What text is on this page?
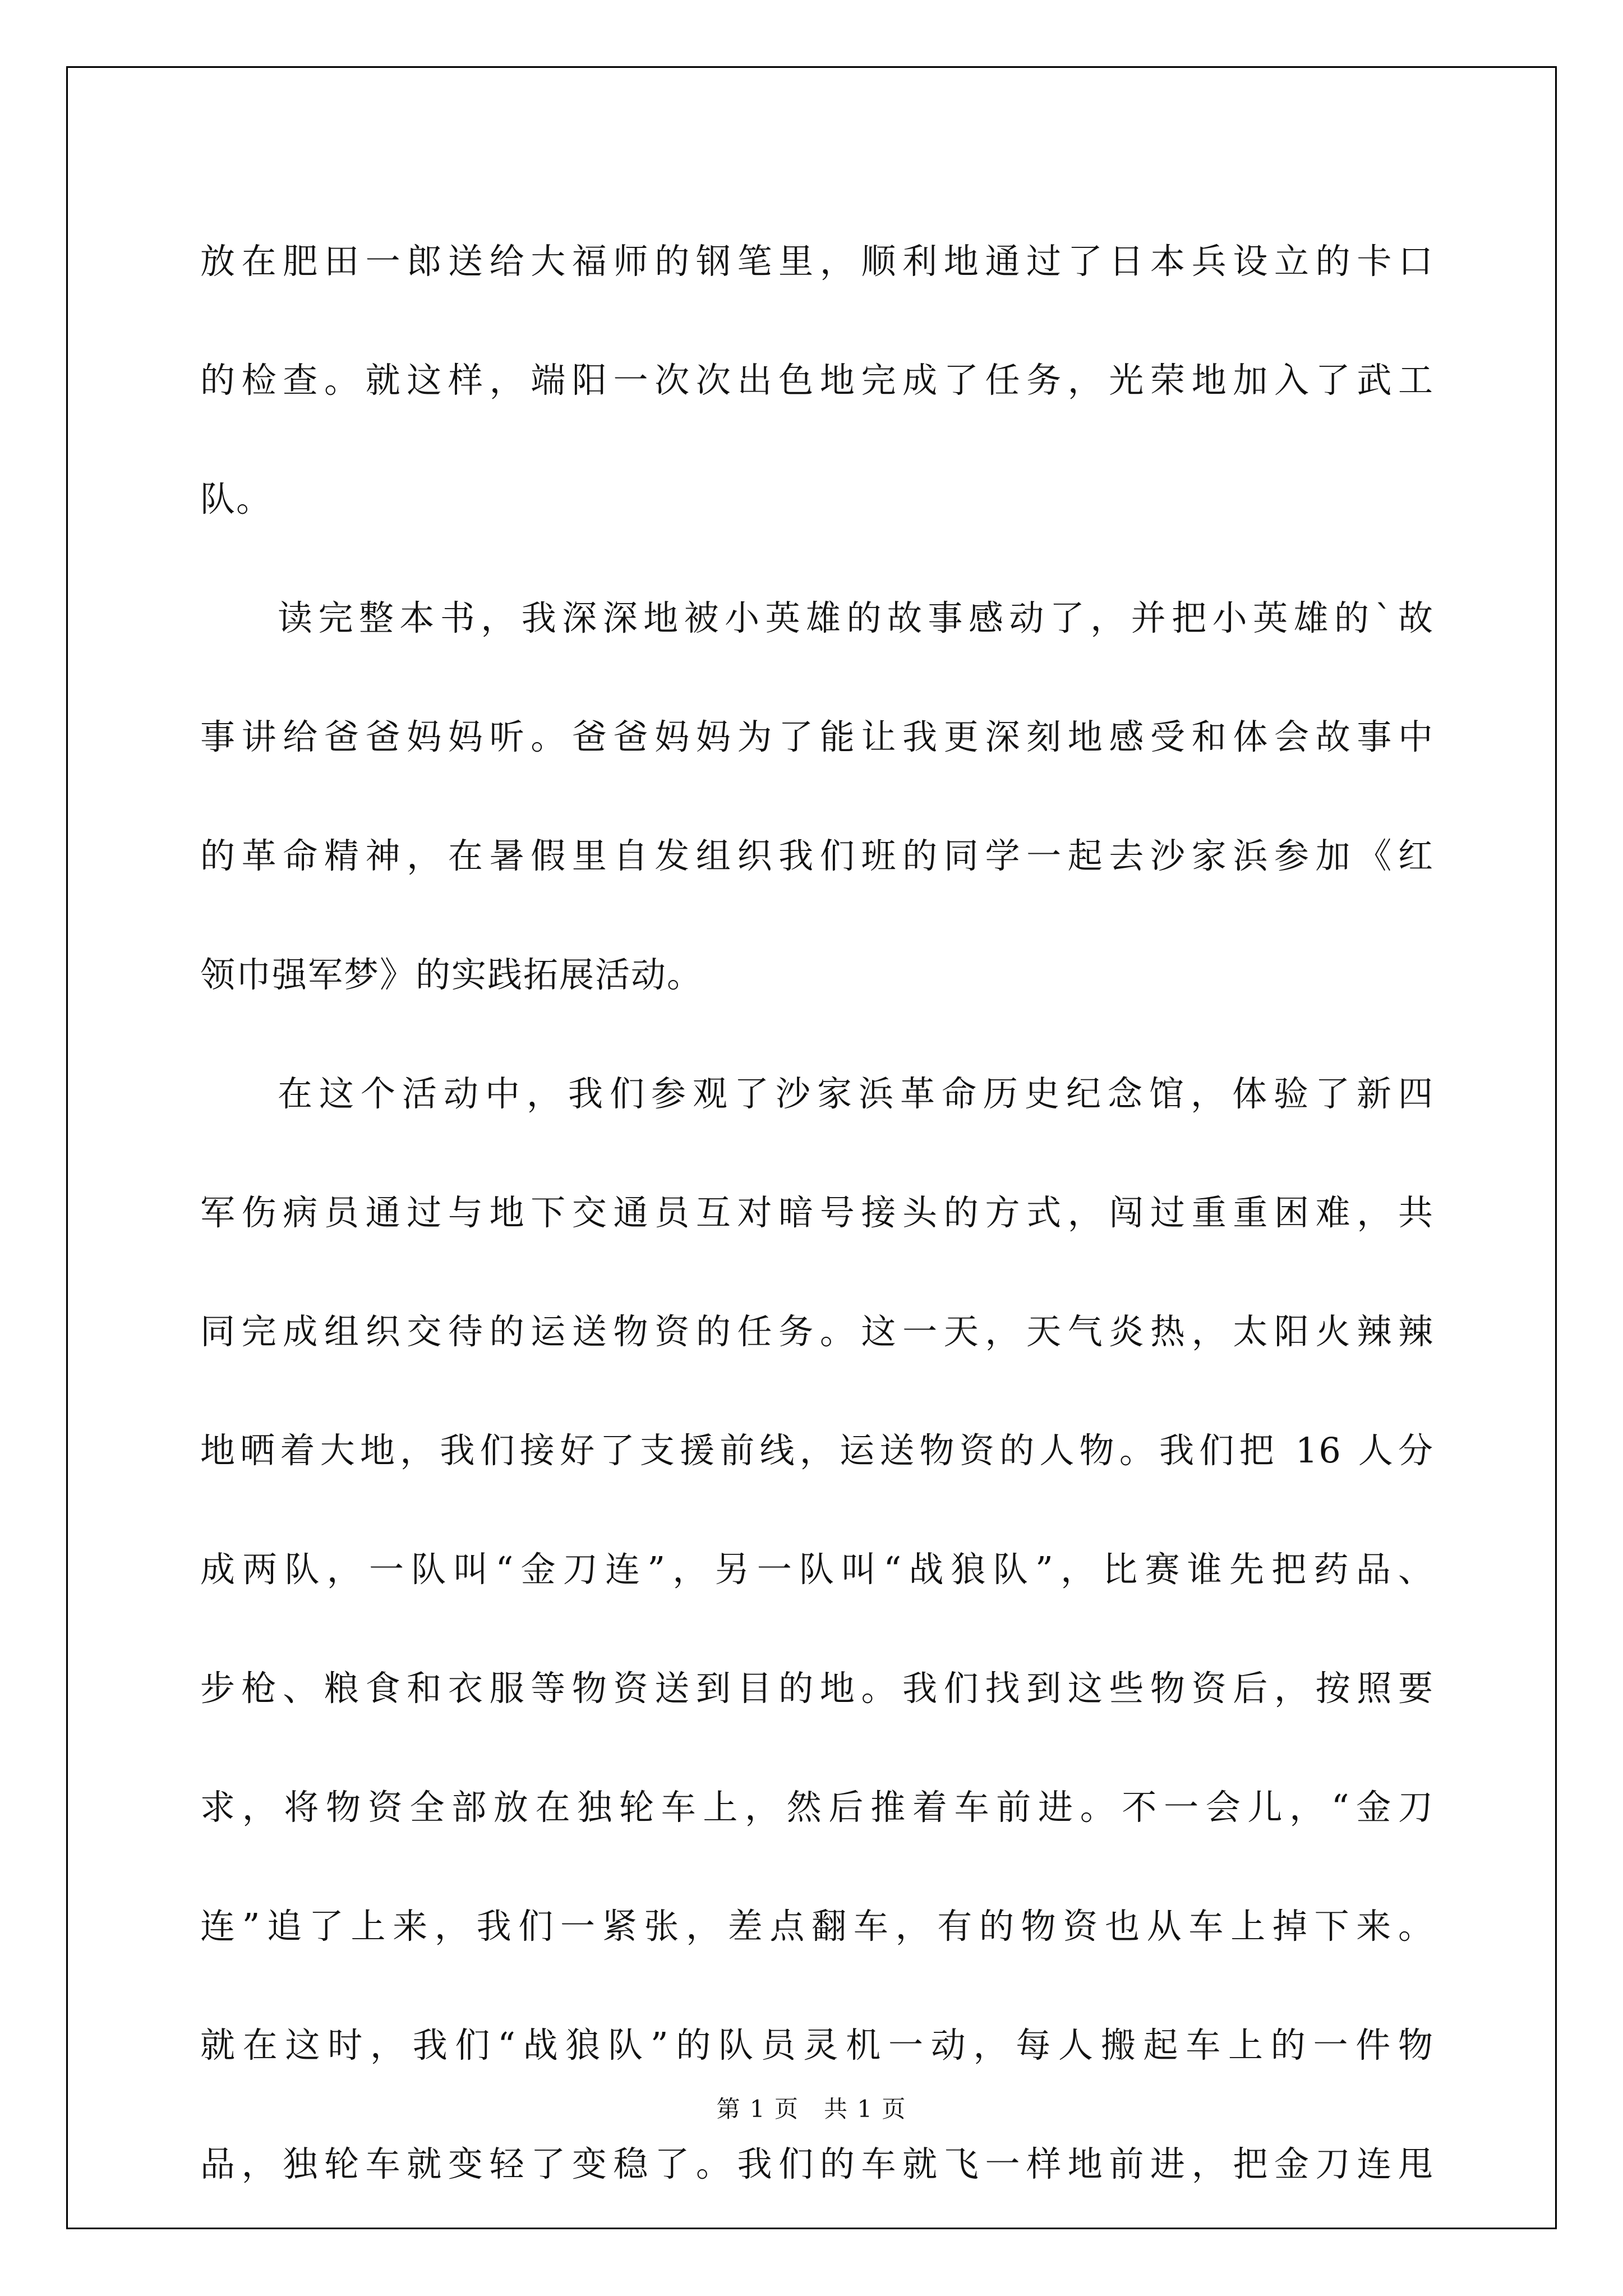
放在肥田一郎送给大福师的钢笔里，顺利地通过了日本兵设立的卡口
的检查。就这样，端阳一次次出色地完成了任务，光荣地加入了武工
队。
读完整本书，我深深地被小英雄的故事感动了，并把小英雄的`故
事讲给爸爸妈妈听。爸爸妈妈为了能让我更深刻地感受和体会故事中
的革命精神，在暑假里自发组织我们班的同学一起去沙家浜参加《红
领巾强军梦》的实践拓展活动。
在这个活动中，我们参观了沙家浜革命历史纪念馆，体验了新四
军伤病员通过与地下交通员互对暗号接头的方式，闯过重重困难，共
同完成组织交待的运送物资的任务。这一天，天气炎热，太阳火辣辣
地晒着大地，我们接好了支援前线，运送物资的人物。我们把 16 人分
成两队，一队叫“金刀连”，另一队叫“战狼队”，比赛谁先把药品、
步枪、粮食和衣服等物资送到目的地。我们找到这些物资后，按照要
求，将物资全部放在独轮车上，然后推着车前进。不一会儿，“金刀
连”追了上来，我们一紧张，差点翻车，有的物资也从车上掉下来。
就在这时，我们“战狼队”的队员灵机一动，每人搬起车上的一件物
品，独轮车就变轻了变稳了。我们的车就飞一样地前进，把金刀连甩
第 1 页　共 1 页
